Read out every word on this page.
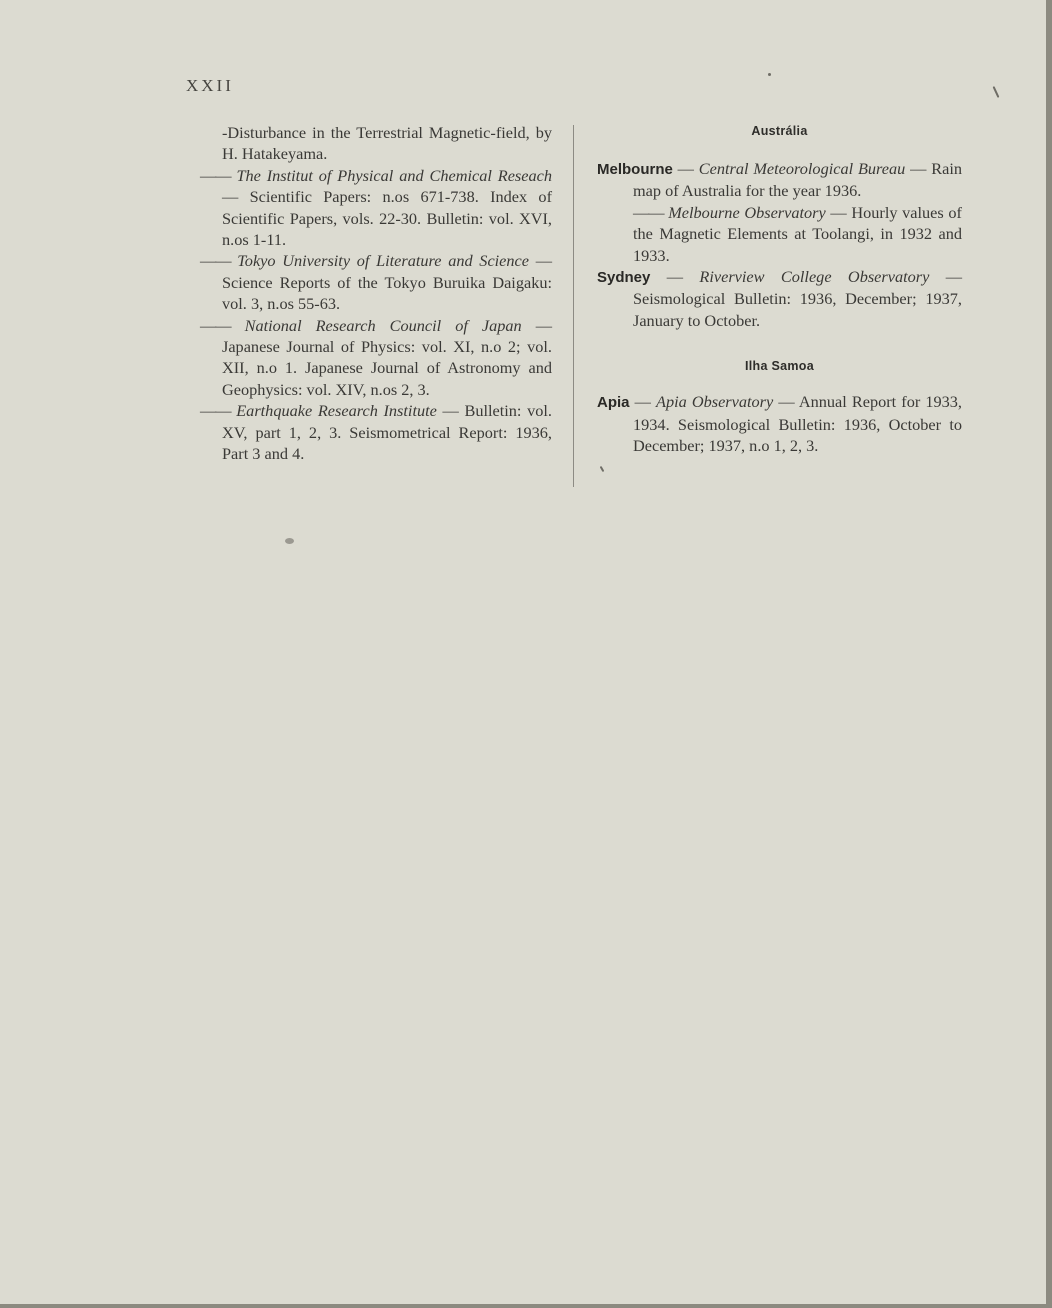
XXII

-Disturbance in the Terrestrial Magnetic-field, by H. Hatakeyama.

—— The Institut of Physical and Chemical Reseach — Scientific Papers: n.os 671-738. Index of Scientific Papers, vols. 22-30. Bulletin: vol. XVI, n.os 1-11.

—— Tokyo University of Literature and Science — Science Reports of the Tokyo Buruika Daigaku: vol. 3, n.os 55-63.

—— National Research Council of Japan — Japanese Journal of Physics: vol. XI, n.o 2; vol. XII, n.o 1. Japanese Journal of Astronomy and Geophysics: vol. XIV, n.os 2, 3.

—— Earthquake Research Institute — Bulletin: vol. XV, part 1, 2, 3. Seismometrical Report: 1936, Part 3 and 4.

Austrália

Melbourne — Central Meteorological Bureau — Rain map of Australia for the year 1936.

—— Melbourne Observatory — Hourly values of the Magnetic Elements at Toolangi, in 1932 and 1933.

Sydney — Riverview College Observatory — Seismological Bulletin: 1936, December; 1937, January to October.

Ilha Samoa

Apia — Apia Observatory — Annual Report for 1933, 1934. Seismological Bulletin: 1936, October to December; 1937, n.o 1, 2, 3.
